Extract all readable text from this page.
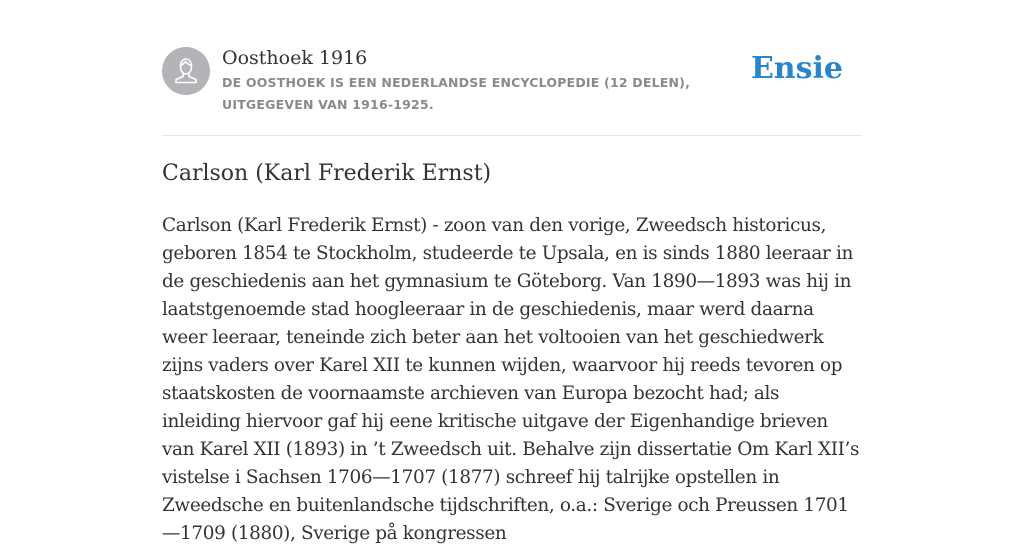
Oosthoek 1916

DE OOSTHOEK IS EEN NEDERLANDSE ENCYCLOPEDIE (12 DELEN), UITGEGEVEN VAN 1916-1925.

Ensie
Carlson (Karl Frederik Ernst)

Carlson (Karl Frederik Ernst) - zoon van den vorige, Zweedsch historicus, geboren 1854 te Stockholm, studeerde te Upsala, en is sinds 1880 leeraar in de geschiedenis aan het gymnasium te Göteborg. Van 1890—1893 was hij in laatstgenoemde stad hoogleeraar in de geschiedenis, maar werd daarna weer leeraar, teneinde zich beter aan het voltooien van het geschiedwerk zijns vaders over Karel XII te kunnen wijden, waarvoor hij reeds tevoren op staatskosten de voornaamste archieven van Europa bezocht had; als inleiding hiervoor gaf hij eene kritische uitgave der Eigenhandige brieven van Karel XII (1893) in ’t Zweedsch uit. Behalve zijn dissertatie Om Karl XII’s vistelse i Sachsen 1706—1707 (1877) schreef hij talrijke opstellen in Zweedsche en buitenlandsche tijdschriften, o.a.: Sverige och Preussen 1701—1709 (1880), Sverige på kongressen
